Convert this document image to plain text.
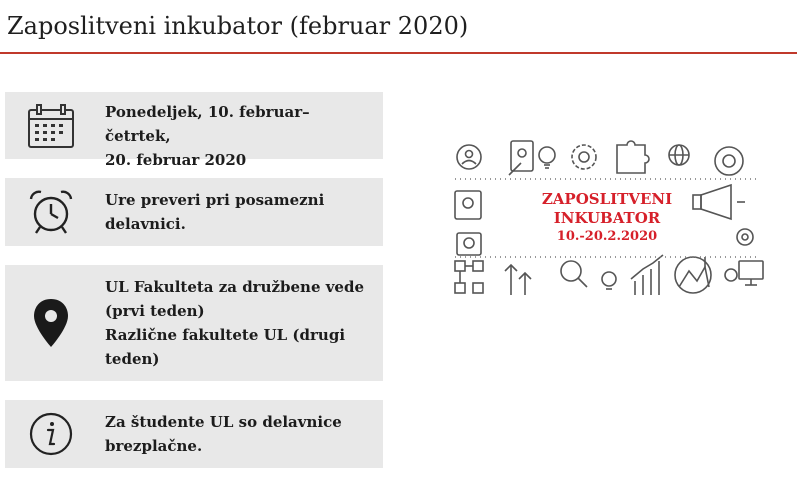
Zaposlitveni inkubator (februar 2020)
Ponedeljek, 10. februar–četrtek,
20. februar 2020
Ure preveri pri posamezni
delavnici.
UL Fakulteta za družbene vede
(prvi teden)
Različne fakultete UL (drugi
teden)
Za študente UL so delavnice
brezplačne.
ZAPOSLITVENI
INKUBATOR
10.-20.2.2020
